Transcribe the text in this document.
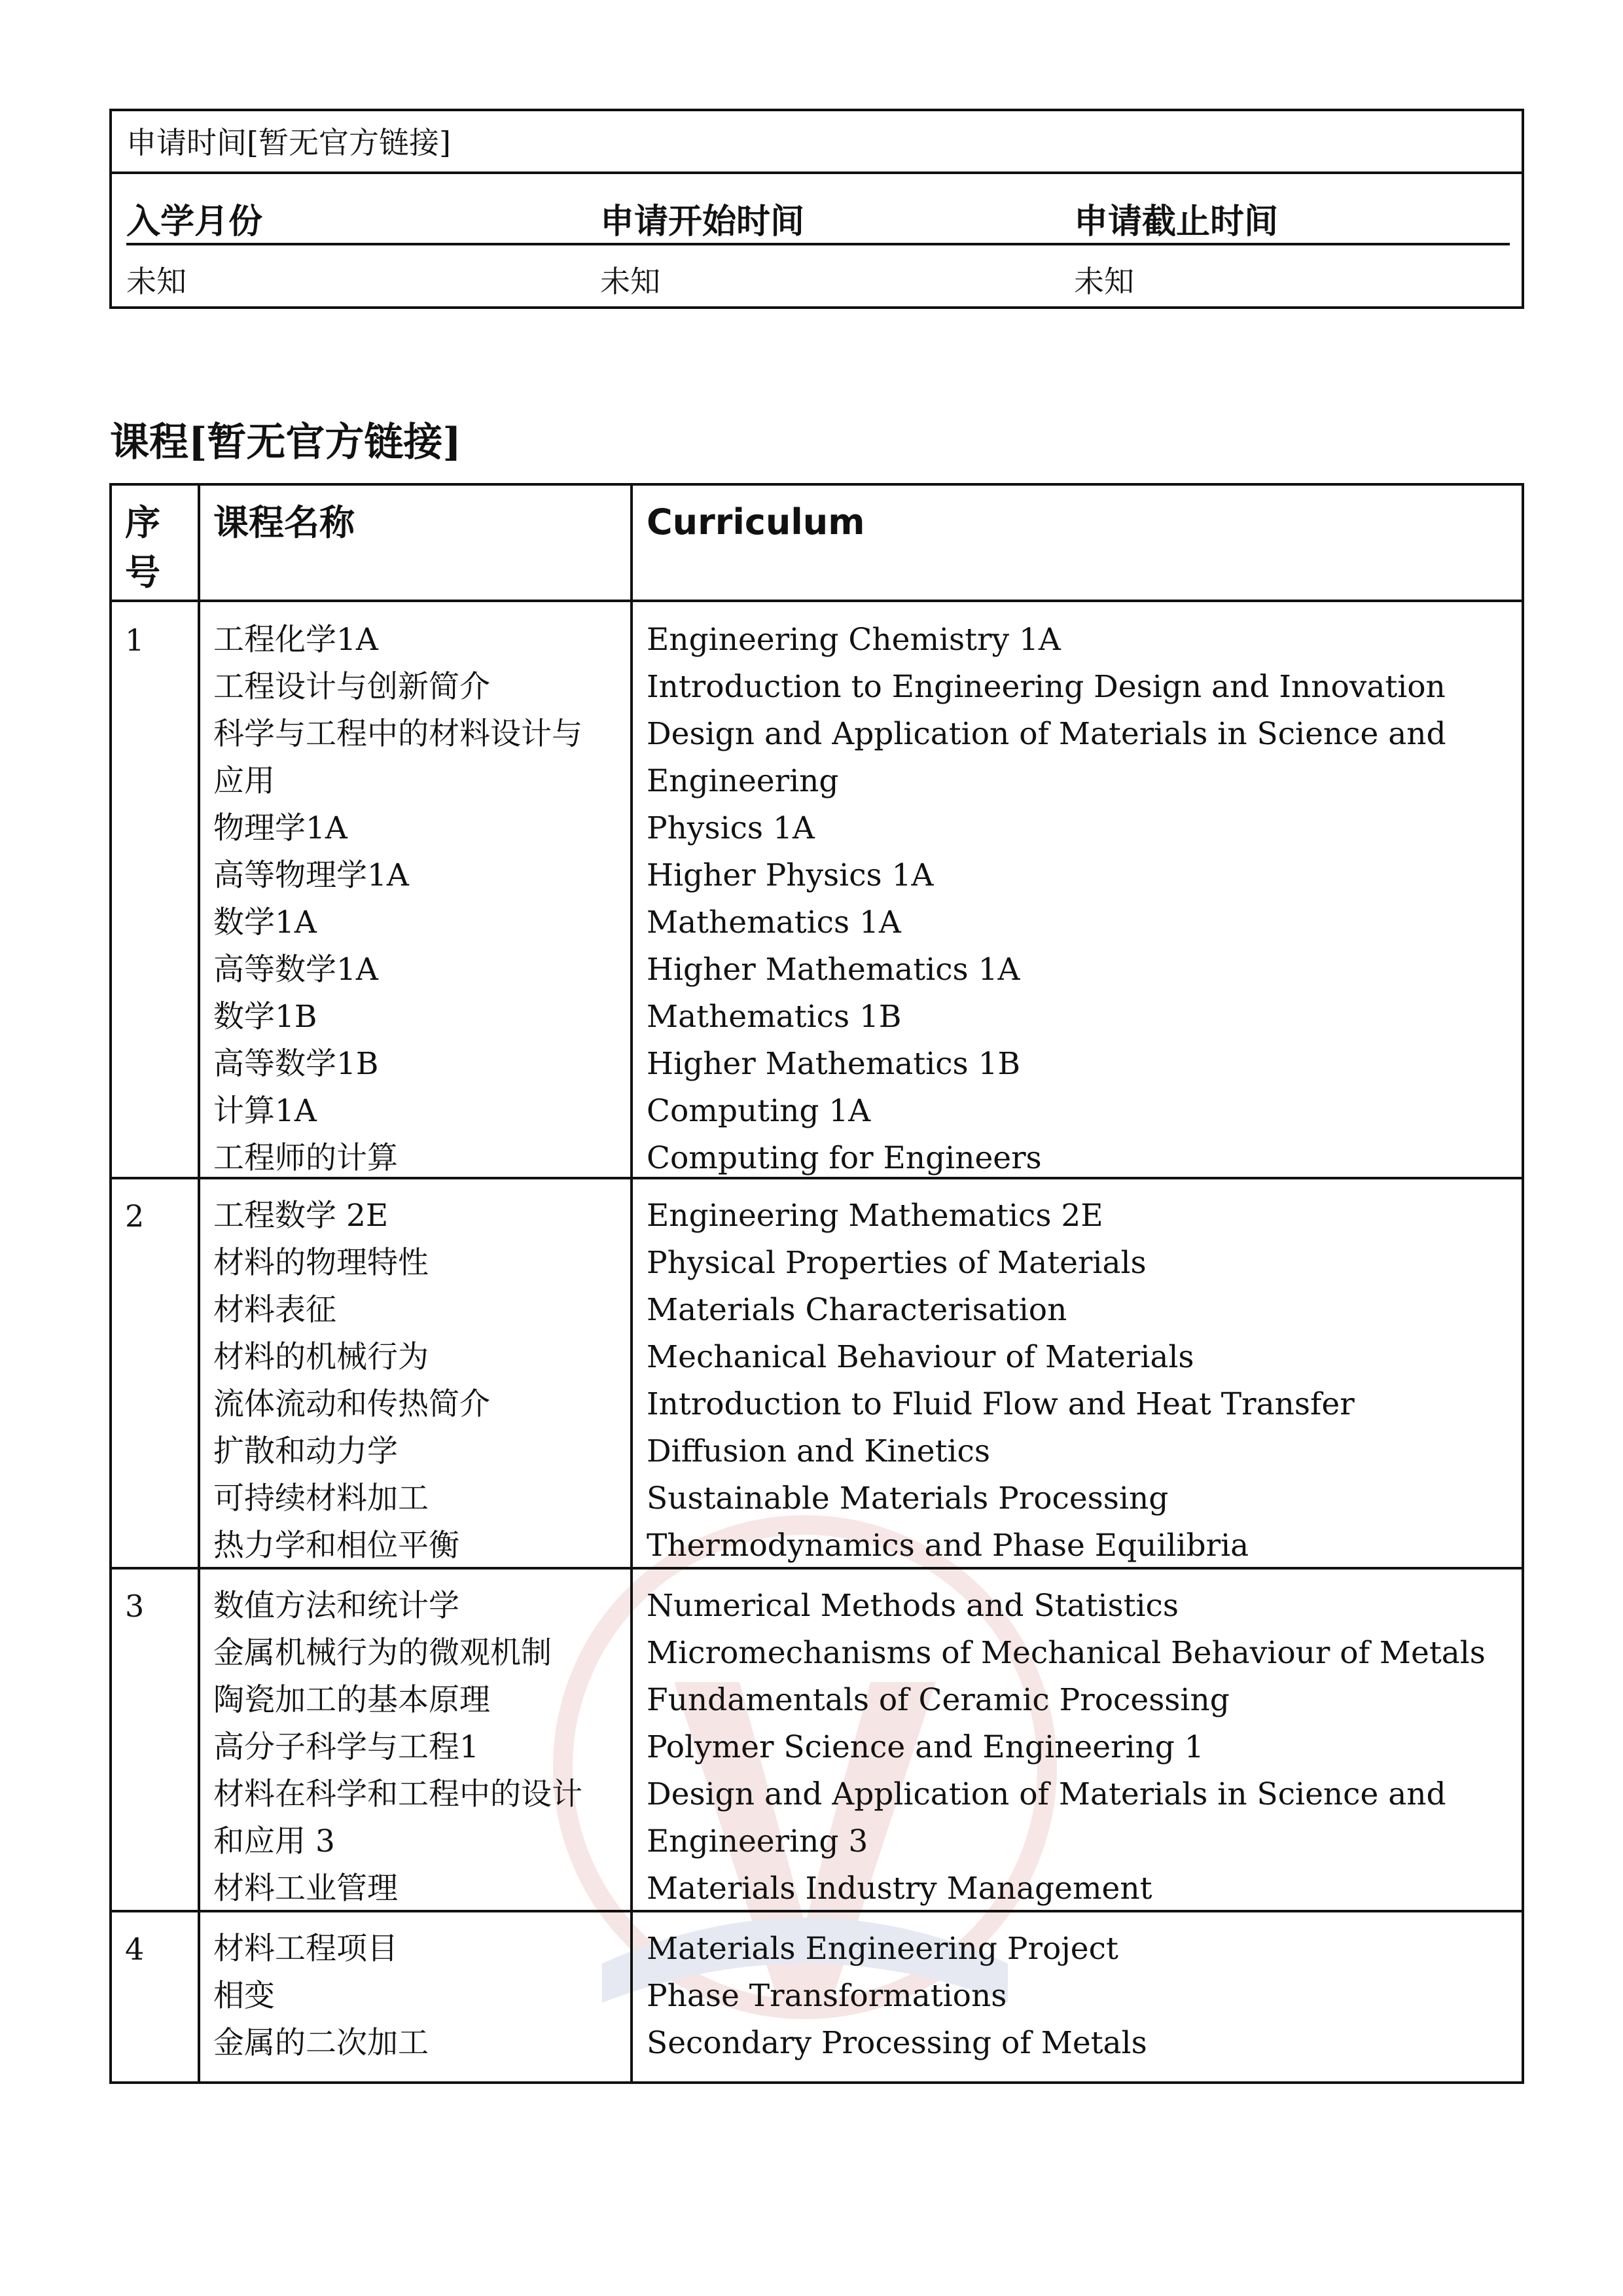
申请时间[暂无官方链接]
入学月份
未知
申请开始时间
未知
申请截止时间
未知
课程[暂无官方链接]
序
号
课程名称	Curriculum
1 工程化学1A
工程设计与创新简介
科学与工程中的材料设计与
应用
物理学1A
高等物理学1A
数学1A
高等数学1A
数学1B
高等数学1B
计算1A
工程师的计算
Engineering Chemistry 1A
Introduction to Engineering Design and Innovation
Design and Application of Materials in Science and
Engineering
Physics 1A
Higher Physics 1A
Mathematics 1A
Higher Mathematics 1A
Mathematics 1B
Higher Mathematics 1B
Computing 1A
Computing for Engineers
2 工程数学 2E
材料的物理特性
材料表征
材料的机械行为
流体流动和传热简介
扩散和动力学
可持续材料加工
热力学和相位平衡
Engineering Mathematics 2E
Physical Properties of Materials
Materials Characterisation
Mechanical Behaviour of Materials
Introduction to Fluid Flow and Heat Transfer
Diffusion and Kinetics
Sustainable Materials Processing
Thermodynamics and Phase Equilibria
3 数值方法和统计学
金属机械行为的微观机制
陶瓷加工的基本原理
高分子科学与工程1
材料在科学和工程中的设计
和应用 3
材料工业管理
Numerical Methods and Statistics
Micromechanisms of Mechanical Behaviour of Metals
Fundamentals of Ceramic Processing
Polymer Science and Engineering 1
Design and Application of Materials in Science and
Engineering 3
Materials Industry Management
4 材料工程项目
相变
金属的二次加工
Materials Engineering Project
Phase Transformations
Secondary Processing of Metals
